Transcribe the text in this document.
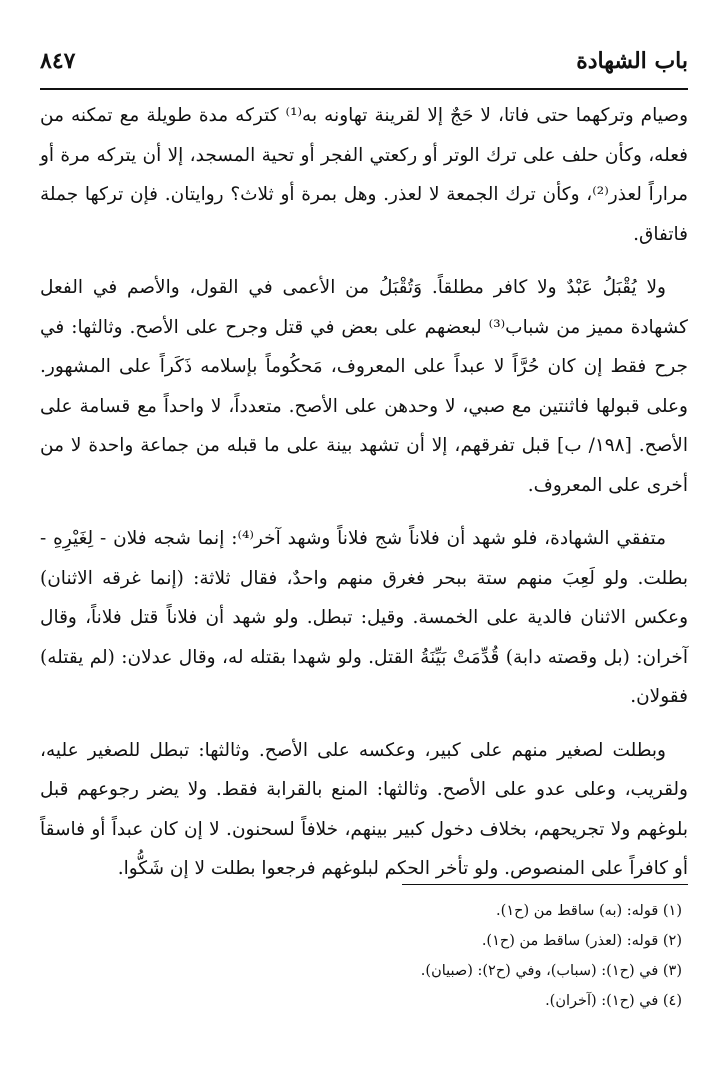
باب الشهادة
٨٤٧

وصيام وتركهما حتى فاتا، لا حَجٌ إلا لقرينة تهاونه به⁽¹⁾ كتركه مدة طويلة مع تمكنه من فعله، وكأن حلف على ترك الوتر أو ركعتي الفجر أو تحية المسجد، إلا أن يتركه مرة أو مراراً لعذر⁽²⁾، وكأن ترك الجمعة لا لعذر. وهل بمرة أو ثلاث؟ روايتان. فإن تركها جملة فاتفاق.

ولا يُقْبَلُ عَبْدٌ ولا كافر مطلقاً. وَتُقْبَلُ من الأعمى في القول، والأصم في الفعل كشهادة مميز من شباب⁽³⁾ لبعضهم على بعض في قتل وجرح على الأصح. وثالثها: في جرح فقط إن كان حُرَّاً لا عبداً على المعروف، مَحكُوماً بإسلامه ذَكَراً على المشهور. وعلى قبولها فاثنتين مع صبي، لا وحدهن على الأصح. متعدداً، لا واحداً مع قسامة على الأصح. [١٩٨/ ب] قبل تفرقهم، إلا أن تشهد بينة على ما قبله من جماعة واحدة لا من أخرى على المعروف.

متفقي الشهادة، فلو شهد أن فلاناً شج فلاناً وشهد آخر⁽⁴⁾: إنما شجه فلان - لِغَيْرِهِ - بطلت. ولو لَعِبَ منهم ستة ببحر فغرق منهم واحدٌ، فقال ثلاثة: (إنما غرقه الاثنان) وعكس الاثنان فالدية على الخمسة. وقيل: تبطل. ولو شهد أن فلاناً قتل فلاناً، وقال آخران: (بل وقصته دابة) قُدِّمَتْ بَيِّنَةُ القتل. ولو شهدا بقتله له، وقال عدلان: (لم يقتله) فقولان.

وبطلت لصغير منهم على كبير، وعكسه على الأصح. وثالثها: تبطل للصغير عليه، ولقريب، وعلى عدو على الأصح. وثالثها: المنع بالقرابة فقط. ولا يضر رجوعهم قبل بلوغهم ولا تجريحهم، بخلاف دخول كبير بينهم، خلافاً لسحنون. لا إن كان عبداً أو فاسقاً أو كافراً على المنصوص. ولو تأخر الحكم لبلوغهم فرجعوا بطلت لا إن شَكُّوا.

(١) قوله: (به) ساقط من (ح١).
(٢) قوله: (لعذر) ساقط من (ح١).
(٣) في (ح١): (سباب)، وفي (ح٢): (صبيان).
(٤) في (ح١): (آخران).
